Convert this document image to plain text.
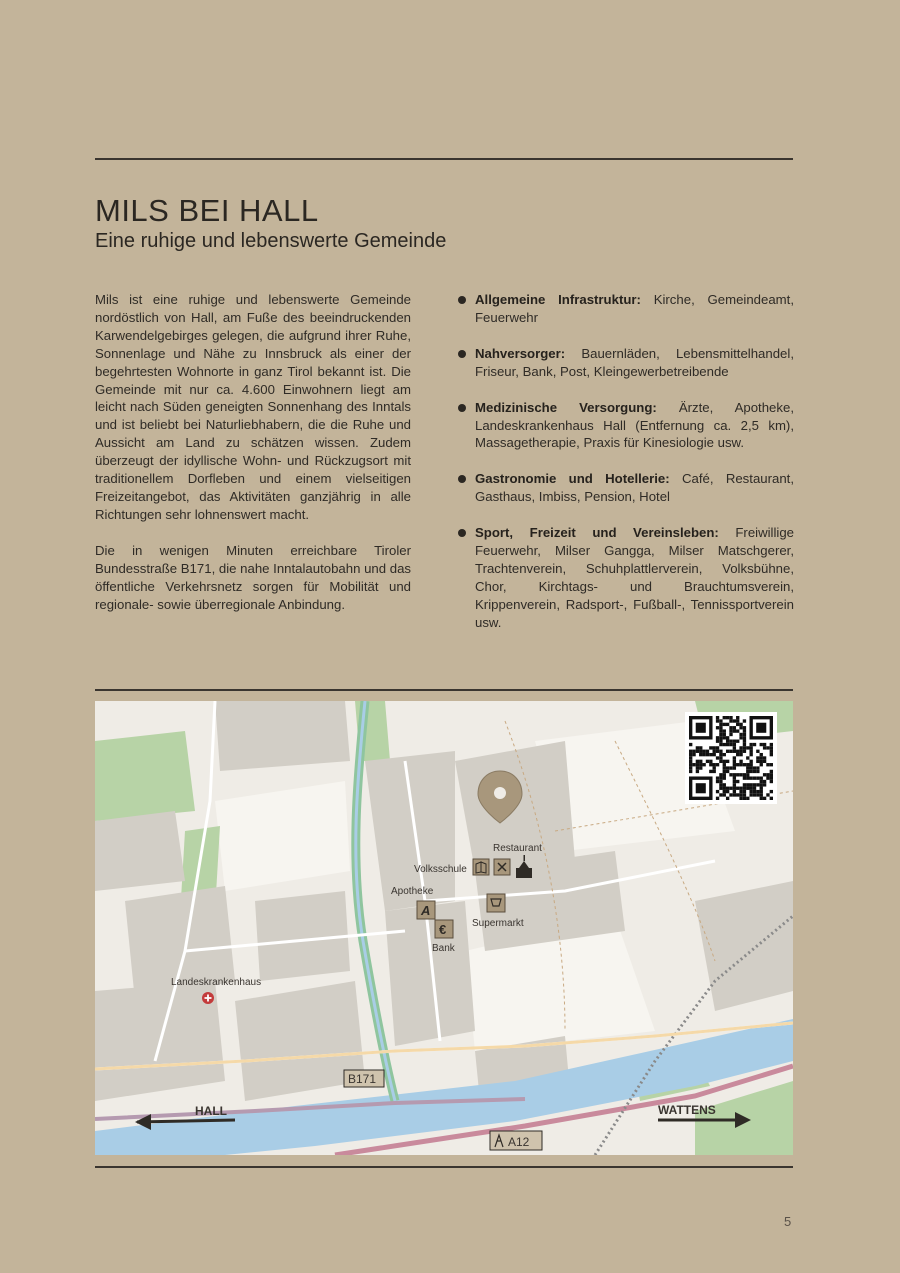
MILS BEI HALL
Eine ruhige und lebenswerte Gemeinde

Mils ist eine ruhige und lebenswerte Gemeinde nordöstlich von Hall, am Fuße des beeindruckenden Karwendelgebirges gelegen, die aufgrund ihrer Ruhe, Sonnenlage und Nähe zu Innsbruck als einer der begehrtesten Wohnorte in ganz Tirol bekannt ist. Die Gemeinde mit nur ca. 4.600 Einwohnern liegt am leicht nach Süden geneigten Sonnenhang des Inntals und ist beliebt bei Naturliebhabern, die die Ruhe und Aussicht am Land zu schätzen wissen. Zudem überzeugt der idyllische Wohn- und Rückzugsort mit traditionellem Dorfleben und einem vielseitigen Freizeitangebot, das Aktivitäten ganzjährig in alle Richtungen sehr lohnenswert macht.

Die in wenigen Minuten erreichbare Tiroler Bundesstraße B171, die nahe Inntalautobahn und das öffentliche Verkehrsnetz sorgen für Mobilität und regionale- sowie überregionale Anbindung.

Allgemeine Infrastruktur: Kirche, Gemeindeamt, Feuerwehr
Nahversorger: Bauernläden, Lebensmittelhandel, Friseur, Bank, Post, Kleingewerbetreibende
Medizinische Versorgung: Ärzte, Apotheke, Landeskrankenhaus Hall (Entfernung ca. 2,5 km), Massagetherapie, Praxis für Kinesiologie usw.
Gastronomie und Hotellerie: Café, Restaurant, Gasthaus, Imbiss, Pension, Hotel
Sport, Freizeit und Vereinsleben: Freiwillige Feuerwehr, Milser Gangga, Milser Matschgerer, Trachtenverein, Schuhplattlerverein, Volksbühne, Chor, Kirchtags- und Brauchtumsverein, Krippenverein, Radsport-, Fußball-, Tennissportverein usw.
Restaurant
Volksschule
Apotheke
A
Supermarkt
€
Bank
Landeskrankenhaus
B171
A12
HALL	WATTENS
5
